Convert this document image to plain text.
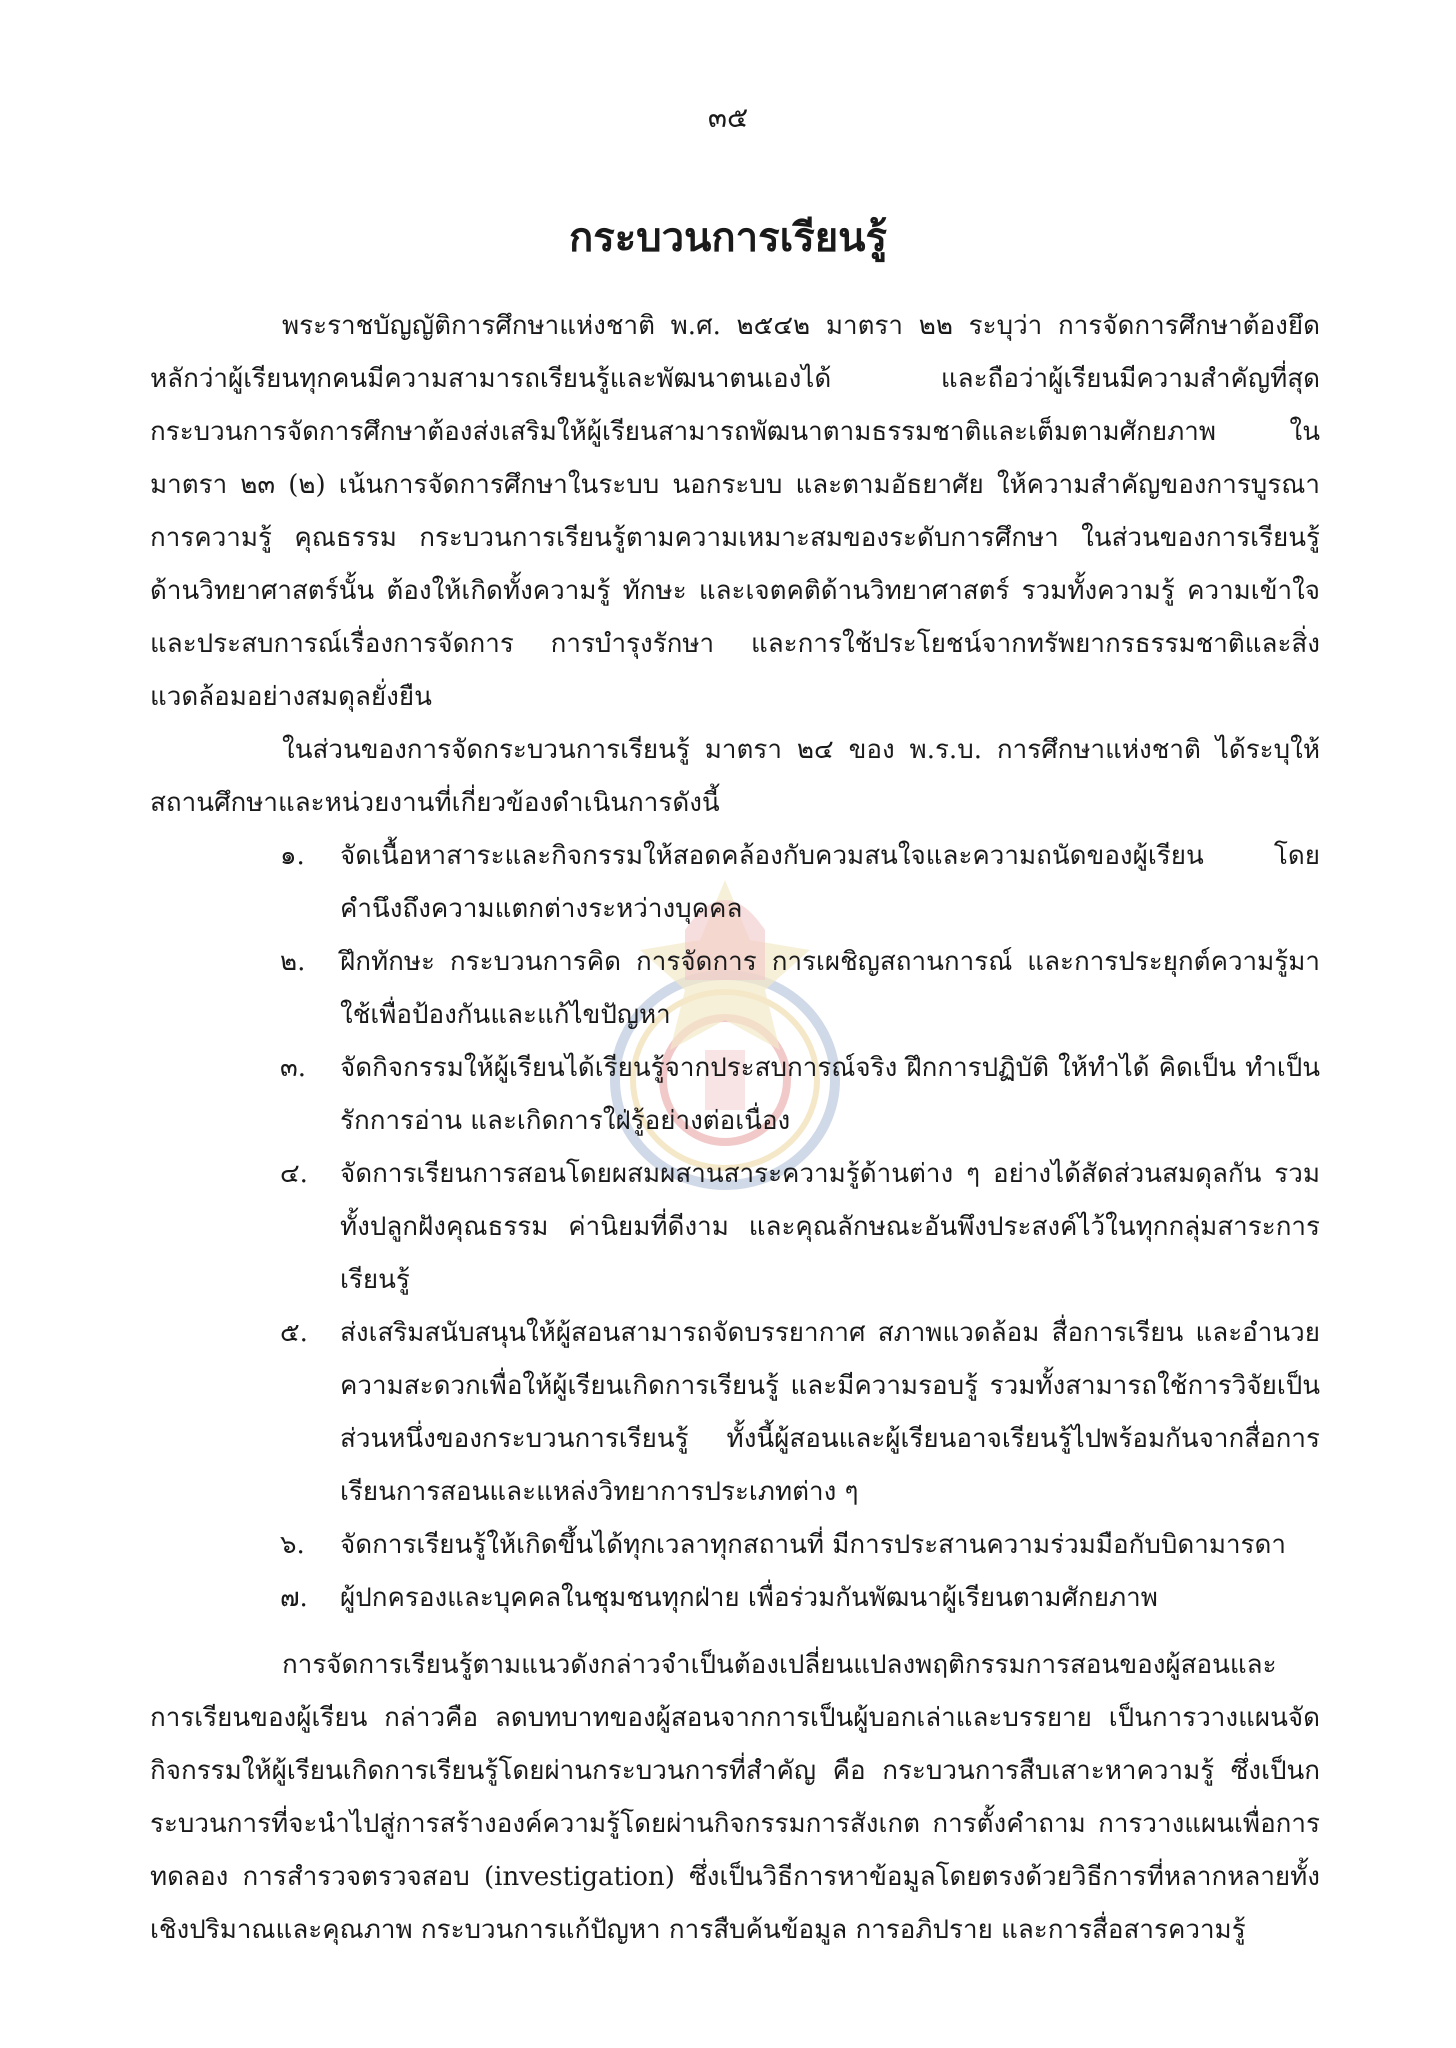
๓๕
กระบวนการเรียนรู้

พระราชบัญญัติการศึกษาแห่งชาติ พ.ศ. ๒๕๔๒ มาตรา ๒๒ ระบุว่า การจัดการศึกษาต้องยึดหลักว่าผู้เรียนทุกคนมีความสามารถเรียนรู้และพัฒนาตนเองได้ และถือว่าผู้เรียนมีความสำคัญที่สุด กระบวนการจัดการศึกษาต้องส่งเสริมให้ผู้เรียนสามารถพัฒนาตามธรรมชาติและเต็มตามศักยภาพ ในมาตรา ๒๓ (๒) เน้นการจัดการศึกษาในระบบ นอกระบบ และตามอัธยาศัย ให้ความสำคัญของการบูรณาการความรู้ คุณธรรม กระบวนการเรียนรู้ตามความเหมาะสมของระดับการศึกษา ในส่วนของการเรียนรู้ด้านวิทยาศาสตร์นั้น ต้องให้เกิดทั้งความรู้ ทักษะ และเจตคติด้านวิทยาศาสตร์ รวมทั้งความรู้ ความเข้าใจ และประสบการณ์เรื่องการจัดการ การบำรุงรักษา และการใช้ประโยชน์จากทรัพยากรธรรมชาติและสิ่งแวดล้อมอย่างสมดุลยั่งยืน

ในส่วนของการจัดกระบวนการเรียนรู้ มาตรา ๒๔ ของ พ.ร.บ. การศึกษาแห่งชาติ ได้ระบุให้สถานศึกษาและหน่วยงานที่เกี่ยวข้องดำเนินการดังนี้

๑. จัดเนื้อหาสาระและกิจกรรมให้สอดคล้องกับควมสนใจและความถนัดของผู้เรียน โดยคำนึงถึงความแตกต่างระหว่างบุคคล
๒. ฝึกทักษะ กระบวนการคิด การจัดการ การเผชิญสถานการณ์ และการประยุกต์ความรู้มาใช้เพื่อป้องกันและแก้ไขปัญหา
๓. จัดกิจกรรมให้ผู้เรียนได้เรียนรู้จากประสบการณ์จริง ฝึกการปฏิบัติ ให้ทำได้ คิดเป็น ทำเป็น รักการอ่าน และเกิดการใฝ่รู้อย่างต่อเนื่อง
๔. จัดการเรียนการสอนโดยผสมผสานสาระความรู้ด้านต่าง ๆ อย่างได้สัดส่วนสมดุลกัน รวมทั้งปลูกฝังคุณธรรม ค่านิยมที่ดีงาม และคุณลักษณะอันพึงประสงค์ไว้ในทุกกลุ่มสาระการเรียนรู้
๕. ส่งเสริมสนับสนุนให้ผู้สอนสามารถจัดบรรยากาศ สภาพแวดล้อม สื่อการเรียน และอำนวยความสะดวกเพื่อให้ผู้เรียนเกิดการเรียนรู้ และมีความรอบรู้ รวมทั้งสามารถใช้การวิจัยเป็นส่วนหนึ่งของกระบวนการเรียนรู้ ทั้งนี้ผู้สอนและผู้เรียนอาจเรียนรู้ไปพร้อมกันจากสื่อการเรียนการสอนและแหล่งวิทยาการประเภทต่าง ๆ
๖. จัดการเรียนรู้ให้เกิดขึ้นได้ทุกเวลาทุกสถานที่ มีการประสานความร่วมมือกับบิดามารดา
๗. ผู้ปกครองและบุคคลในชุมชนทุกฝ่าย เพื่อร่วมกันพัฒนาผู้เรียนตามศักยภาพ

การจัดการเรียนรู้ตามแนวดังกล่าวจำเป็นต้องเปลี่ยนแปลงพฤติกรรมการสอนของผู้สอนและการเรียนของผู้เรียน กล่าวคือ ลดบทบาทของผู้สอนจากการเป็นผู้บอกเล่าและบรรยาย เป็นการวางแผนจัดกิจกรรมให้ผู้เรียนเกิดการเรียนรู้โดยผ่านกระบวนการที่สำคัญ คือ กระบวนการสืบเสาะหาความรู้ ซึ่งเป็นกระบวนการที่จะนำไปสู่การสร้างองค์ความรู้โดยผ่านกิจกรรมการสังเกต การตั้งคำถาม การวางแผนเพื่อการทดลอง การสำรวจตรวจสอบ (investigation) ซึ่งเป็นวิธีการหาข้อมูลโดยตรงด้วยวิธีการที่หลากหลายทั้งเชิงปริมาณและคุณภาพ กระบวนการแก้ปัญหา การสืบค้นข้อมูล การอภิปราย และการสื่อสารความรู้
